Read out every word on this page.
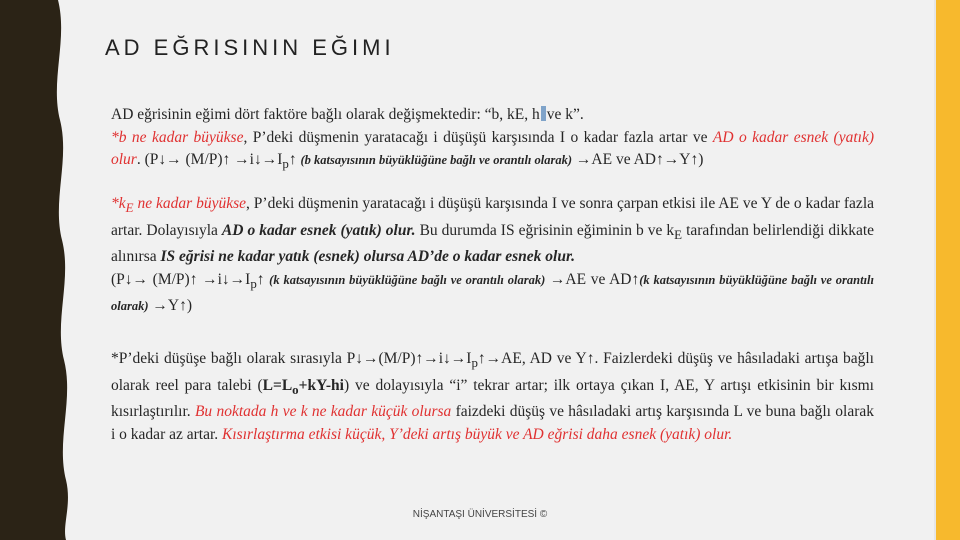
AD EĞRISININ EĞIMI

AD eğrisinin eğimi dört faktöre bağlı olarak değişmektedir: “b, kE, h ve k”.
*b ne kadar büyükse, P’deki düşmenin yaratacağı i düşüşü karşısında I o kadar fazla artar ve AD o kadar esnek (yatık) olur. (P↓→ (M/P)↑ $\to i↓\to I_p↑$ (b katsayısının büyüklüğüne bağlı ve orantılı olarak) →AE ve AD↑→Y↑)

$*k_E$ ne kadar büyükse, P’deki düşmenin yaratacağı i düşüşü karşısında I ve sonra çarpan etkisi ile AE ve Y de o kadar fazla artar. Dolayısıyla AD o kadar esnek (yatık) olur. Bu durumda IS eğrisinin eğiminin b ve $k_E$ tarafından belirlendiği dikkate alınırsa IS eğrisi ne kadar yatık (esnek) olursa AD’de o kadar esnek olur.
(P↓→ (M/P)↑ $\to i↓\to I_p↑$ (k katsayısının büyüklüğüne bağlı ve orantılı olarak) →AE ve AD↑(k katsayısının büyüklüğüne bağlı ve orantılı olarak) →Y↑)

*P’deki düşüşe bağlı olarak sırasıyla $P↓\to(M/P)↑\to i↓\to I_p↑\to AE$, AD ve Y↑. Faizlerdeki düşüş ve hâsıladaki artışa bağlı olarak reel para talebi $(L=L_o+kY-hi)$ ve dolayısıyla “i” tekrar artar; ilk ortaya çıkan I, AE, Y artışı etkisinin bir kısmı kısırlaştırılır. Bu noktada h ve k ne kadar küçük olursa faizdeki düşüş ve hâsıladaki artış karşısında L ve buna bağlı olarak i o kadar az artar. Kısırlaştırma etkisi küçük, Y’deki artış büyük ve AD eğrisi daha esnek (yatık) olur.

NİŞANTAŞI ÜNİVERSİTESİ ©
